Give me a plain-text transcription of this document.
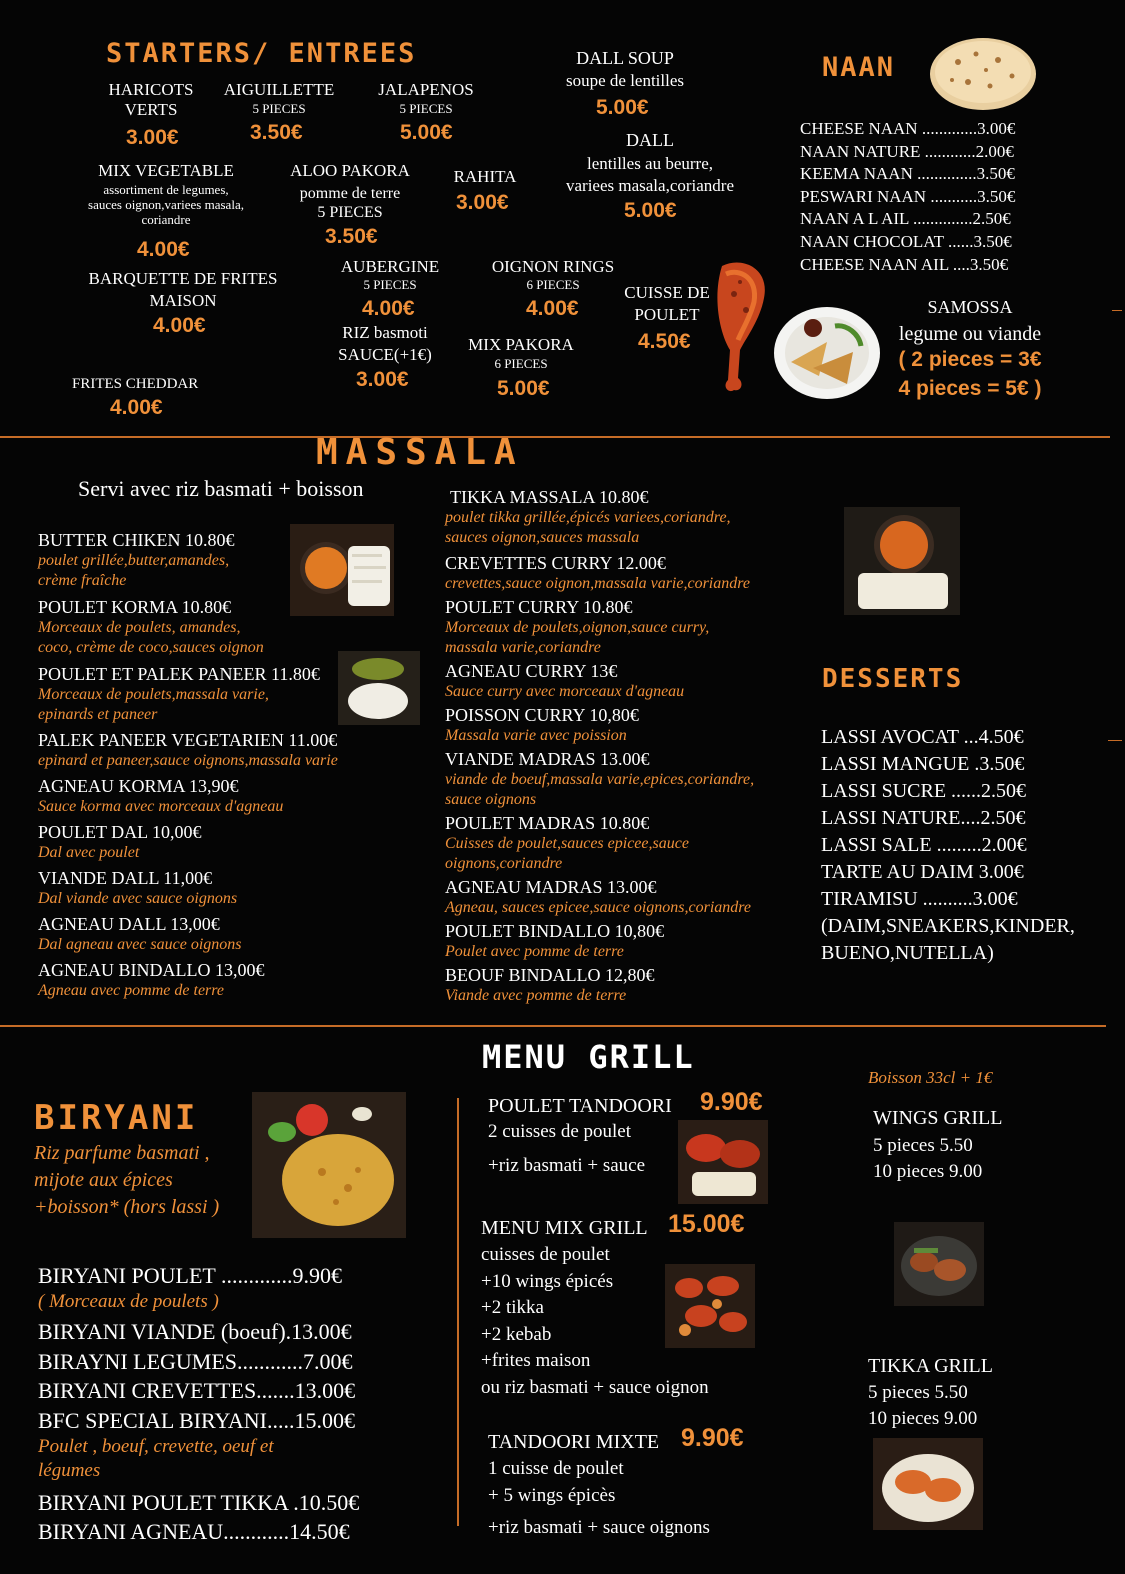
STARTERS/ ENTREES
HARICOTS
VERTS
3.00€
AIGUILLETTE
5 PIECES
3.50€
JALAPENOS
5 PIECES
5.00€
MIX VEGETABLE
assortiment de legumes,
sauces oignon,variees masala,
coriandre
4.00€
ALOO PAKORA
pomme de terre
5 PIECES
3.50€
RAHITA
3.00€
BARQUETTE DE FRITES
MAISON
4.00€
AUBERGINE
5 PIECES
4.00€
OIGNON RINGS
6 PIECES
4.00€
CUISSE DE
POULET
4.50€
RIZ basmoti
SAUCE(+1€)
3.00€
MIX PAKORA
6 PIECES
5.00€
FRITES CHEDDAR
4.00€
DALL SOUP
soupe de lentilles
5.00€
DALL
lentilles au beurre,
variees masala,coriandre
5.00€
NAAN
CHEESE NAAN .............3.00€
NAAN NATURE ............2.00€
KEEMA NAAN ..............3.50€
PESWARI NAAN ...........3.50€
NAAN A L AIL ..............2.50€
NAAN CHOCOLAT ......3.50€
CHEESE NAAN AIL ....3.50€
SAMOSSA
legume ou viande
( 2 pieces = 3€
4 pieces = 5€ )
MASSALA
Servi avec riz basmati + boisson
BUTTER CHIKEN 10.80€
poulet grillée,butter,amandes,
crème fraîche
POULET KORMA 10.80€
Morceaux de poulets, amandes,
coco, crème de coco,sauces oignon
POULET ET PALEK PANEER 11.80€
Morceaux de poulets,massala varie,
epinards et paneer
PALEK PANEER VEGETARIEN 11.00€
epinard et paneer,sauce oignons,massala varie
AGNEAU KORMA 13,90€
Sauce korma avec morceaux d'agneau
POULET DAL 10,00€
Dal avec poulet
VIANDE DALL 11,00€
Dal viande avec sauce oignons
AGNEAU DALL 13,00€
Dal agneau avec sauce oignons
AGNEAU BINDALLO 13,00€
Agneau avec pomme de terre
TIKKA MASSALA 10.80€
poulet tikka grillée,épicés variees,coriandre,
sauces oignon,sauces massala
CREVETTES CURRY 12.00€
crevettes,sauce oignon,massala varie,coriandre
POULET CURRY 10.80€
Morceaux de poulets,oignon,sauce curry,
massala varie,coriandre
AGNEAU CURRY 13€
Sauce curry avec morceaux d'agneau
POISSON CURRY 10,80€
Massala varie avec poission
VIANDE MADRAS 13.00€
viande de boeuf,massala varie,epices,coriandre,
sauce oignons
POULET MADRAS 10.80€
Cuisses de poulet,sauces epicee,sauce
oignons,coriandre
AGNEAU MADRAS 13.00€
Agneau, sauces epicee,sauce oignons,coriandre
POULET BINDALLO 10,80€
Poulet avec pomme de terre
BEOUF BINDALLO 12,80€
Viande avec pomme de terre
DESSERTS
LASSI AVOCAT ...4.50€
LASSI MANGUE .3.50€
LASSI SUCRE ......2.50€
LASSI NATURE....2.50€
LASSI SALE .........2.00€
TARTE AU DAIM 3.00€
TIRAMISU ..........3.00€
(DAIM,SNEAKERS,KINDER,
BUENO,NUTELLA)
BIRYANI
Riz parfume basmati ,
mijote aux épices
+boisson* (hors lassi )
BIRYANI POULET .............9.90€
( Morceaux de poulets )
BIRYANI VIANDE (boeuf).13.00€
BIRAYNI LEGUMES............7.00€
BIRYANI CREVETTES.......13.00€
BFC SPECIAL BIRYANI.....15.00€
Poulet , boeuf, crevette, oeuf et
légumes
BIRYANI POULET TIKKA .10.50€
BIRYANI AGNEAU............14.50€
MENU GRILL
POULET TANDOORI 9.90€
2 cuisses de poulet
+riz basmati + sauce
MENU MIX GRILL 15.00€
cuisses de poulet
+10 wings épicés
+2 tikka
+2 kebab
+frites maison
ou riz basmati + sauce oignon
TANDOORI MIXTE 9.90€
1 cuisse de poulet
+ 5 wings épicès
+riz basmati + sauce oignons
Boisson 33cl + 1€
WINGS GRILL
5 pieces 5.50
10 pieces 9.00
TIKKA GRILL
5 pieces 5.50
10 pieces 9.00
